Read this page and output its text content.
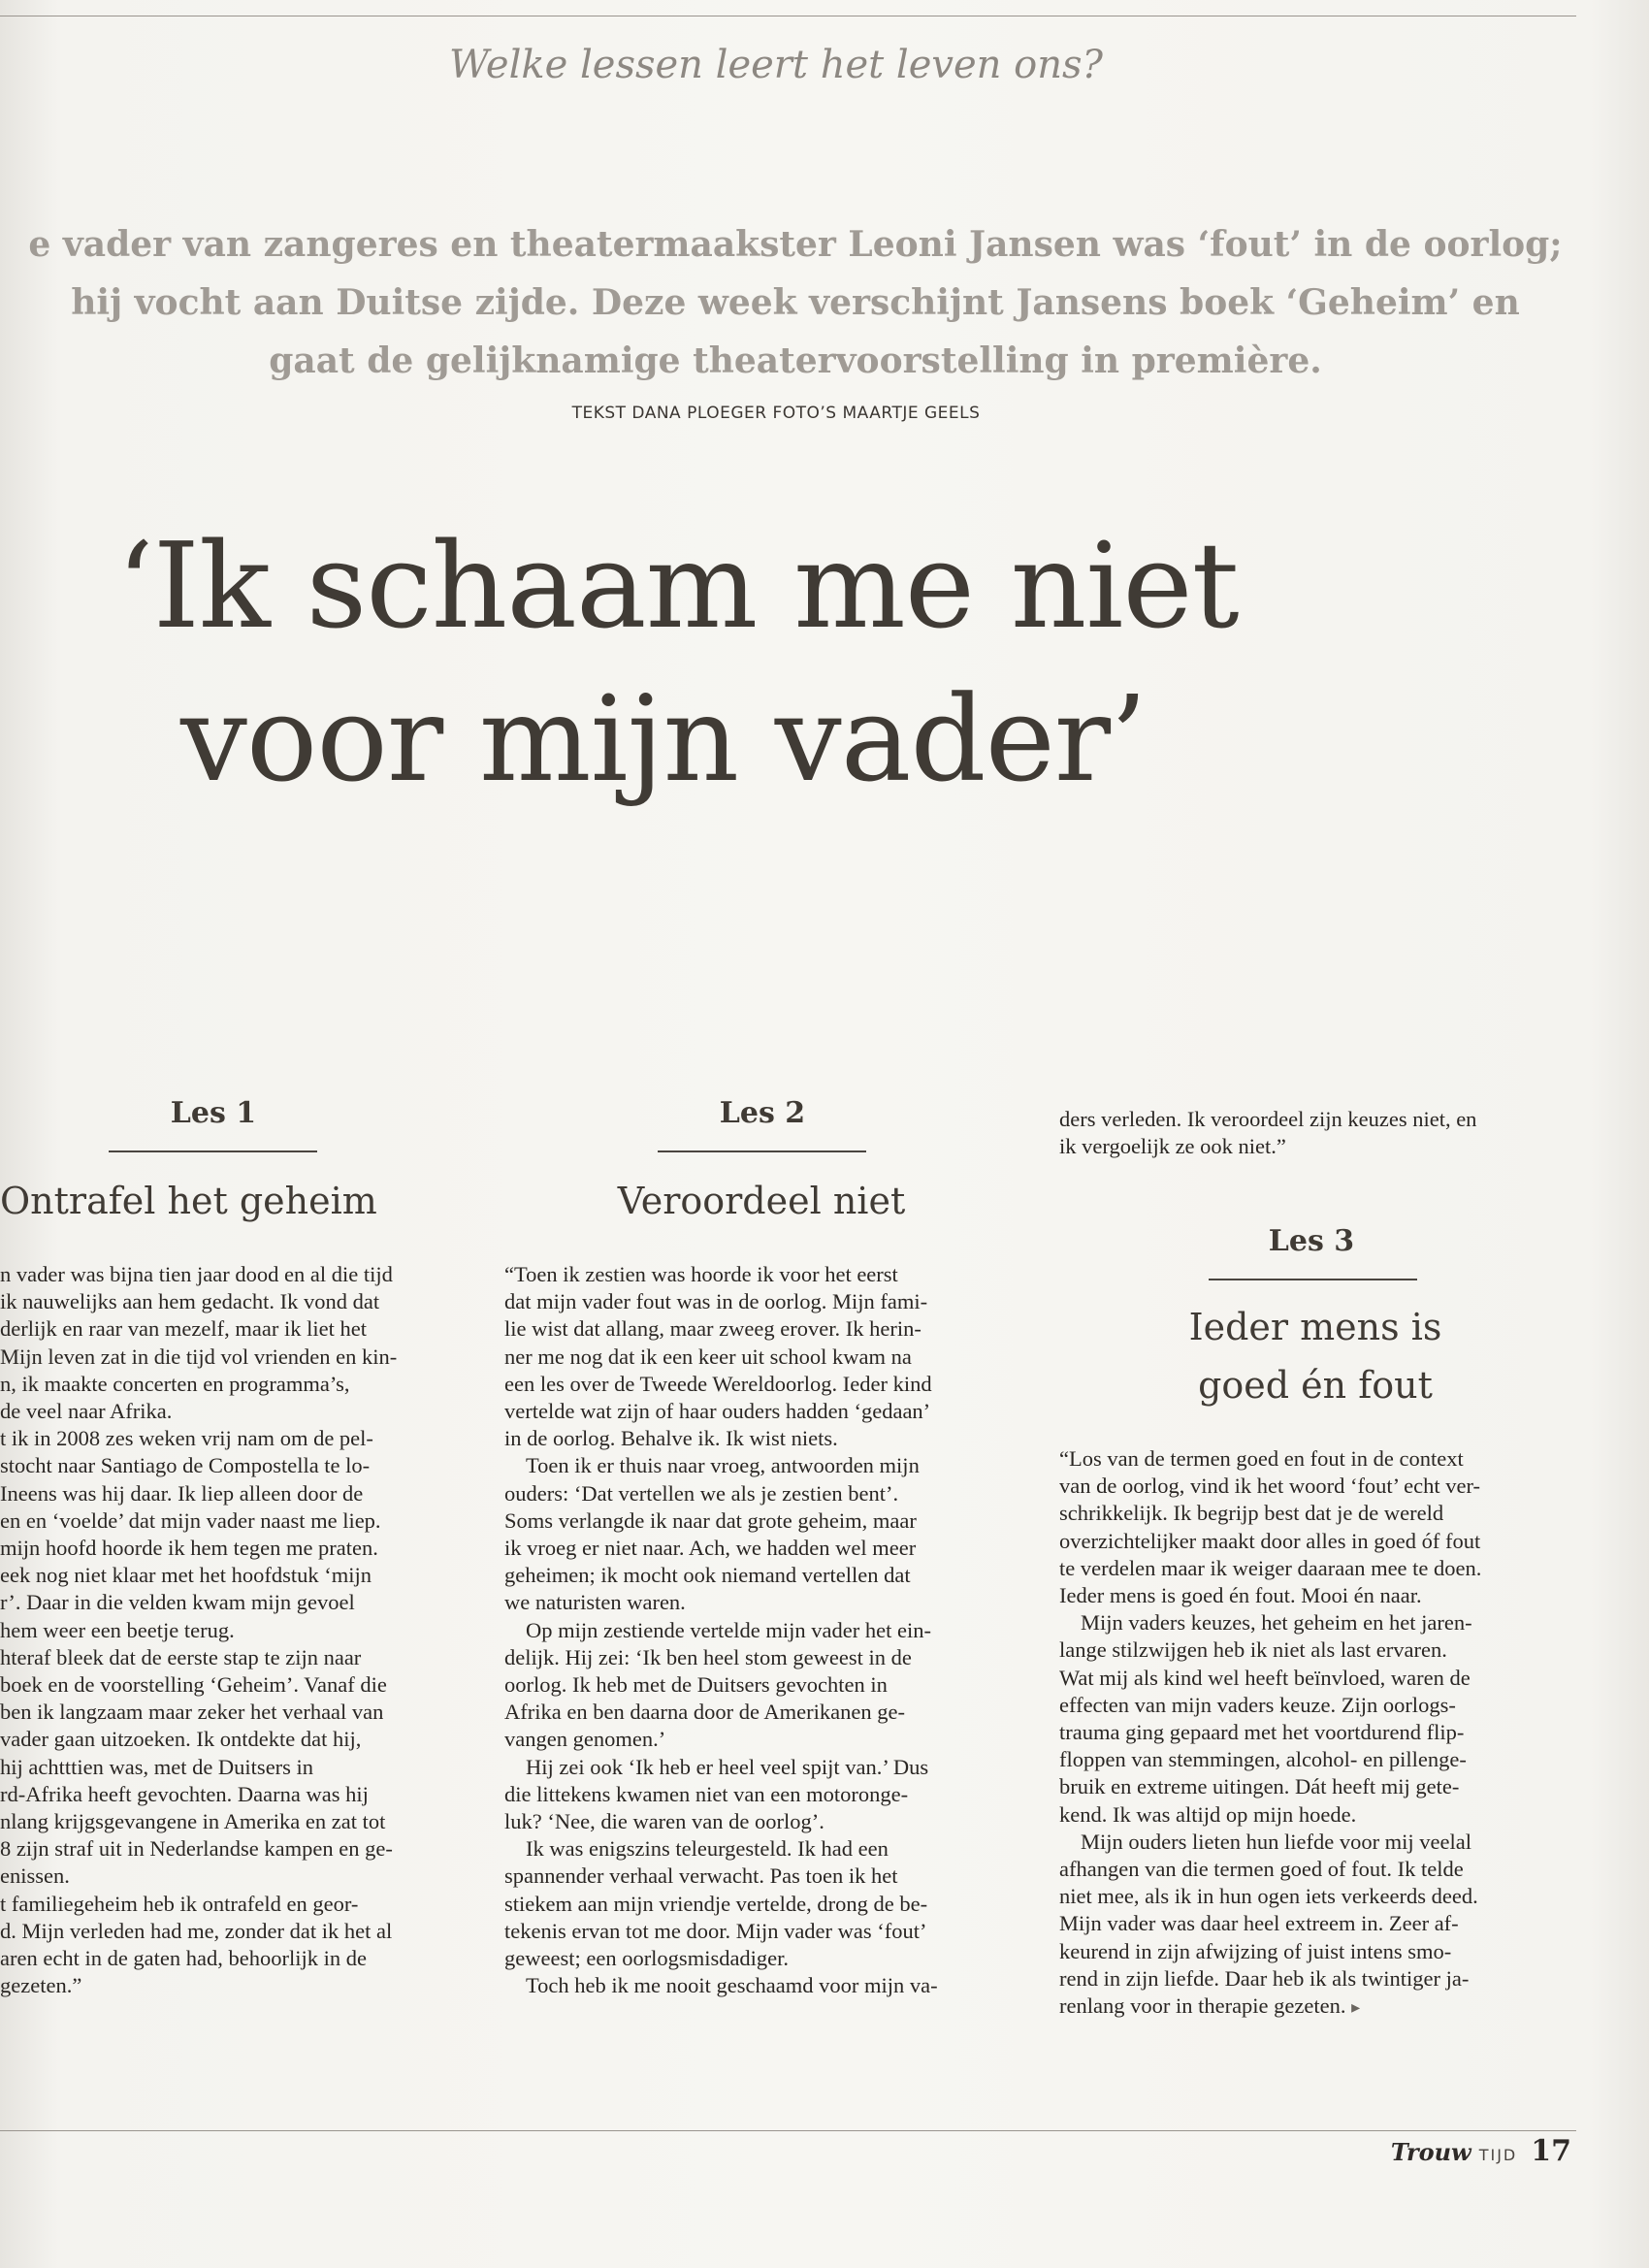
Welke lessen leert het leven ons?
e vader van zangeres en theatermaakster Leoni Jansen was ‘fout’ in de oorlog;
hij vocht aan Duitse zijde. Deze week verschijnt Jansens boek ‘Geheim’ en
gaat de gelijknamige theatervoorstelling in première.
TEKST DANA PLOEGER FOTO’S MAARTJE GEELS
‘Ik schaam me niet
voor mijn vader’
Les 1
Ontrafel het geheim
n vader was bijna tien jaar dood en al die tijd
ik nauwelijks aan hem gedacht. Ik vond dat
derlijk en raar van mezelf, maar ik liet het
Mijn leven zat in die tijd vol vrienden en kin-
n, ik maakte concerten en programma’s,
de veel naar Afrika.
t ik in 2008 zes weken vrij nam om de pel-
stocht naar Santiago de Compostella te lo-
Ineens was hij daar. Ik liep alleen door de
en en ‘voelde’ dat mijn vader naast me liep.
mijn hoofd hoorde ik hem tegen me praten.
eek nog niet klaar met het hoofdstuk ‘mijn
r’. Daar in die velden kwam mijn gevoel
hem weer een beetje terug.
hteraf bleek dat de eerste stap te zijn naar
boek en de voorstelling ‘Geheim’. Vanaf die
ben ik langzaam maar zeker het verhaal van
vader gaan uitzoeken. Ik ontdekte dat hij,
hij achtttien was, met de Duitsers in
rd-Afrika heeft gevochten. Daarna was hij
nlang krijgsgevangene in Amerika en zat tot
8 zijn straf uit in Nederlandse kampen en ge-
enissen.
t familiegeheim heb ik ontrafeld en geor-
d. Mijn verleden had me, zonder dat ik het al
aren echt in de gaten had, behoorlijk in de
gezeten.”
Les 2
Veroordeel niet
“Toen ik zestien was hoorde ik voor het eerst
dat mijn vader fout was in de oorlog. Mijn fami-
lie wist dat allang, maar zweeg erover. Ik herin-
ner me nog dat ik een keer uit school kwam na
een les over de Tweede Wereldoorlog. Ieder kind
vertelde wat zijn of haar ouders hadden ‘gedaan’
in de oorlog. Behalve ik. Ik wist niets.
Toen ik er thuis naar vroeg, antwoorden mijn
ouders: ‘Dat vertellen we als je zestien bent’.
Soms verlangde ik naar dat grote geheim, maar
ik vroeg er niet naar. Ach, we hadden wel meer
geheimen; ik mocht ook niemand vertellen dat
we naturisten waren.
Op mijn zestiende vertelde mijn vader het ein-
delijk. Hij zei: ‘Ik ben heel stom geweest in de
oorlog. Ik heb met de Duitsers gevochten in
Afrika en ben daarna door de Amerikanen ge-
vangen genomen.’
Hij zei ook ‘Ik heb er heel veel spijt van.’ Dus
die littekens kwamen niet van een motoronge-
luk? ‘Nee, die waren van de oorlog’.
Ik was enigszins teleurgesteld. Ik had een
spannender verhaal verwacht. Pas toen ik het
stiekem aan mijn vriendje vertelde, drong de be-
tekenis ervan tot me door. Mijn vader was ‘fout’
geweest; een oorlogsmisdadiger.
Toch heb ik me nooit geschaamd voor mijn va-
ders verleden. Ik veroordeel zijn keuzes niet, en
ik vergoelijk ze ook niet.”
Les 3
Ieder mens is
goed én fout
“Los van de termen goed en fout in de context
van de oorlog, vind ik het woord ‘fout’ echt ver-
schrikkelijk. Ik begrijp best dat je de wereld
overzichtelijker maakt door alles in goed óf fout
te verdelen maar ik weiger daaraan mee te doen.
Ieder mens is goed én fout. Mooi én naar.
Mijn vaders keuzes, het geheim en het jaren-
lange stilzwijgen heb ik niet als last ervaren.
Wat mij als kind wel heeft beïnvloed, waren de
effecten van mijn vaders keuze. Zijn oorlogs-
trauma ging gepaard met het voortdurend flip-
floppen van stemmingen, alcohol- en pillenge-
bruik en extreme uitingen. Dát heeft mij gete-
kend. Ik was altijd op mijn hoede.
Mijn ouders lieten hun liefde voor mij veelal
afhangen van die termen goed of fout. Ik telde
niet mee, als ik in hun ogen iets verkeerds deed.
Mijn vader was daar heel extreem in. Zeer af-
keurend in zijn afwijzing of juist intens smo-
rend in zijn liefde. Daar heb ik als twintiger ja-
renlang voor in therapie gezeten. ▸
Trouw TIJD 17
